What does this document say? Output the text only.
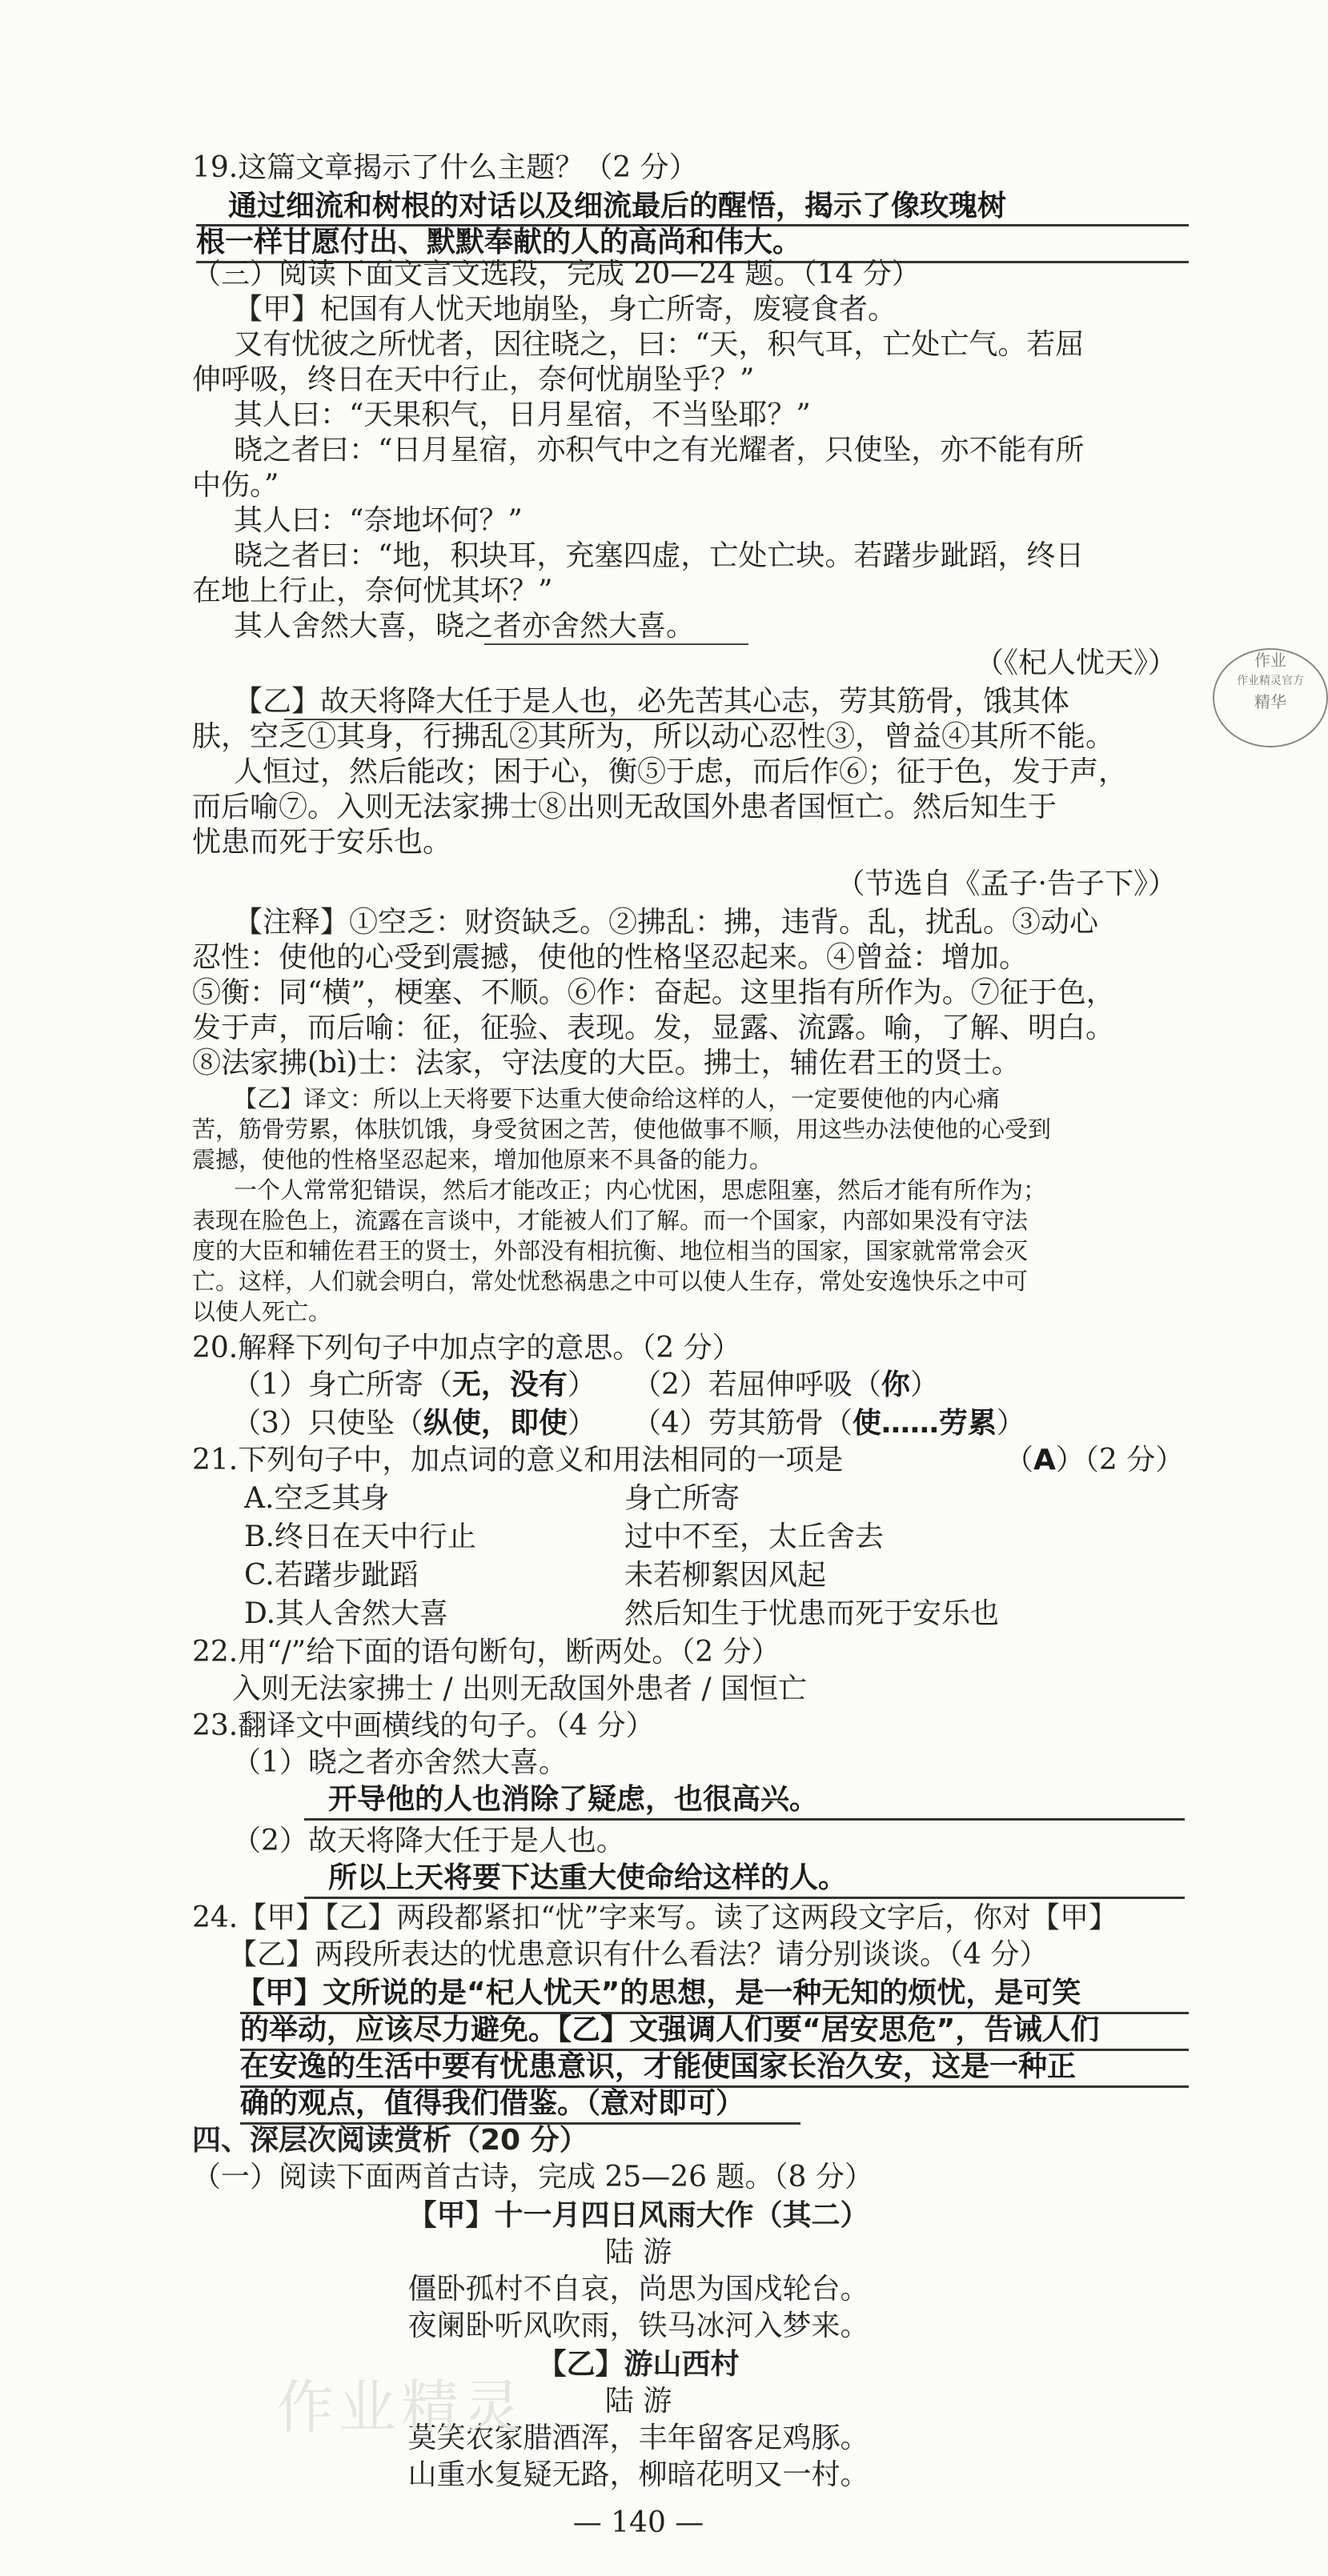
19.这篇文章揭示了什么主题？（2 分）
通过细流和树根的对话以及细流最后的醒悟，揭示了像玫瑰树
根一样甘愿付出、默默奉献的人的高尚和伟大。
（三）阅读下面文言文选段，完成 20—24 题。（14 分）
【甲】杞国有人忧天地崩坠，身亡所寄，废寝食者。
又有忧彼之所忧者，因往晓之，曰：“天，积气耳，亡处亡气。若屈
伸呼吸，终日在天中行止，奈何忧崩坠乎？”
其人曰：“天果积气，日月星宿，不当坠耶？”
晓之者曰：“日月星宿，亦积气中之有光耀者，只使坠，亦不能有所
中伤。”
其人曰：“奈地坏何？”
晓之者曰：“地，积块耳，充塞四虚，亡处亡块。若躇步跐蹈，终日
在地上行止，奈何忧其坏？”
其人舍然大喜，晓之者亦舍然大喜。
（《杞人忧天》）
【乙】故天将降大任于是人也，必先苦其心志，劳其筋骨，饿其体
肤，空乏①其身，行拂乱②其所为，所以动心忍性③，曾益④其所不能。
人恒过，然后能改；困于心，衡⑤于虑，而后作⑥；征于色，发于声，
而后喻⑦。入则无法家拂士⑧出则无敌国外患者国恒亡。然后知生于
忧患而死于安乐也。
（节选自《孟子·告子下》）
【注释】①空乏：财资缺乏。②拂乱：拂，违背。乱，扰乱。③动心
忍性：使他的心受到震撼，使他的性格坚忍起来。④曾益：增加。
⑤衡：同“横”，梗塞、不顺。⑥作：奋起。这里指有所作为。⑦征于色，
发于声，而后喻：征，征验、表现。发，显露、流露。喻，了解、明白。
⑧法家拂(bì)士：法家，守法度的大臣。拂士，辅佐君王的贤士。
【乙】译文：所以上天将要下达重大使命给这样的人，一定要使他的内心痛
苦，筋骨劳累，体肤饥饿，身受贫困之苦，使他做事不顺，用这些办法使他的心受到
震撼，使他的性格坚忍起来，增加他原来不具备的能力。
一个人常常犯错误，然后才能改正；内心忧困，思虑阻塞，然后才能有所作为；
表现在脸色上，流露在言谈中，才能被人们了解。而一个国家，内部如果没有守法
度的大臣和辅佐君王的贤士，外部没有相抗衡、地位相当的国家，国家就常常会灭
亡。这样，人们就会明白，常处忧愁祸患之中可以使人生存，常处安逸快乐之中可
以使人死亡。
20.解释下列句子中加点字的意思。（2 分）
（1）身亡所寄（无，没有） （2）若屈伸呼吸（你）
（3）只使坠（纵使，即使） （4）劳其筋骨（使……劳累）
21.下列句子中，加点词的意义和用法相同的一项是	（A）（2 分）
A.空乏其身	身亡所寄
B.终日在天中行止	过中不至，太丘舍去
C.若躇步跐蹈	未若柳絮因风起
D.其人舍然大喜	然后知生于忧患而死于安乐也
22.用“/”给下面的语句断句，断两处。（2 分）
入则无法家拂士 / 出则无敌国外患者 / 国恒亡
23.翻译文中画横线的句子。（4 分）
（1）晓之者亦舍然大喜。
开导他的人也消除了疑虑，也很高兴。
（2）故天将降大任于是人也。
所以上天将要下达重大使命给这样的人。
24.【甲】【乙】两段都紧扣“忧”字来写。读了这两段文字后，你对【甲】
【乙】两段所表达的忧患意识有什么看法？请分别谈谈。（4 分）
【甲】文所说的是“杞人忧天”的思想，是一种无知的烦忧，是可笑
的举动，应该尽力避免。【乙】文强调人们要“居安思危”，告诫人们
在安逸的生活中要有忧患意识，才能使国家长治久安，这是一种正
确的观点，值得我们借鉴。（意对即可）
四、深层次阅读赏析（20 分）
（一）阅读下面两首古诗，完成 25—26 题。（8 分）
【甲】十一月四日风雨大作（其二）
陆 游
僵卧孤村不自哀，尚思为国戍轮台。
夜阑卧听风吹雨，铁马冰河入梦来。
【乙】游山西村
陆 游
莫笑农家腊酒浑，丰年留客足鸡豚。
山重水复疑无路，柳暗花明又一村。
— 140 —
作业
作业精灵官方
精华
作业精灵
